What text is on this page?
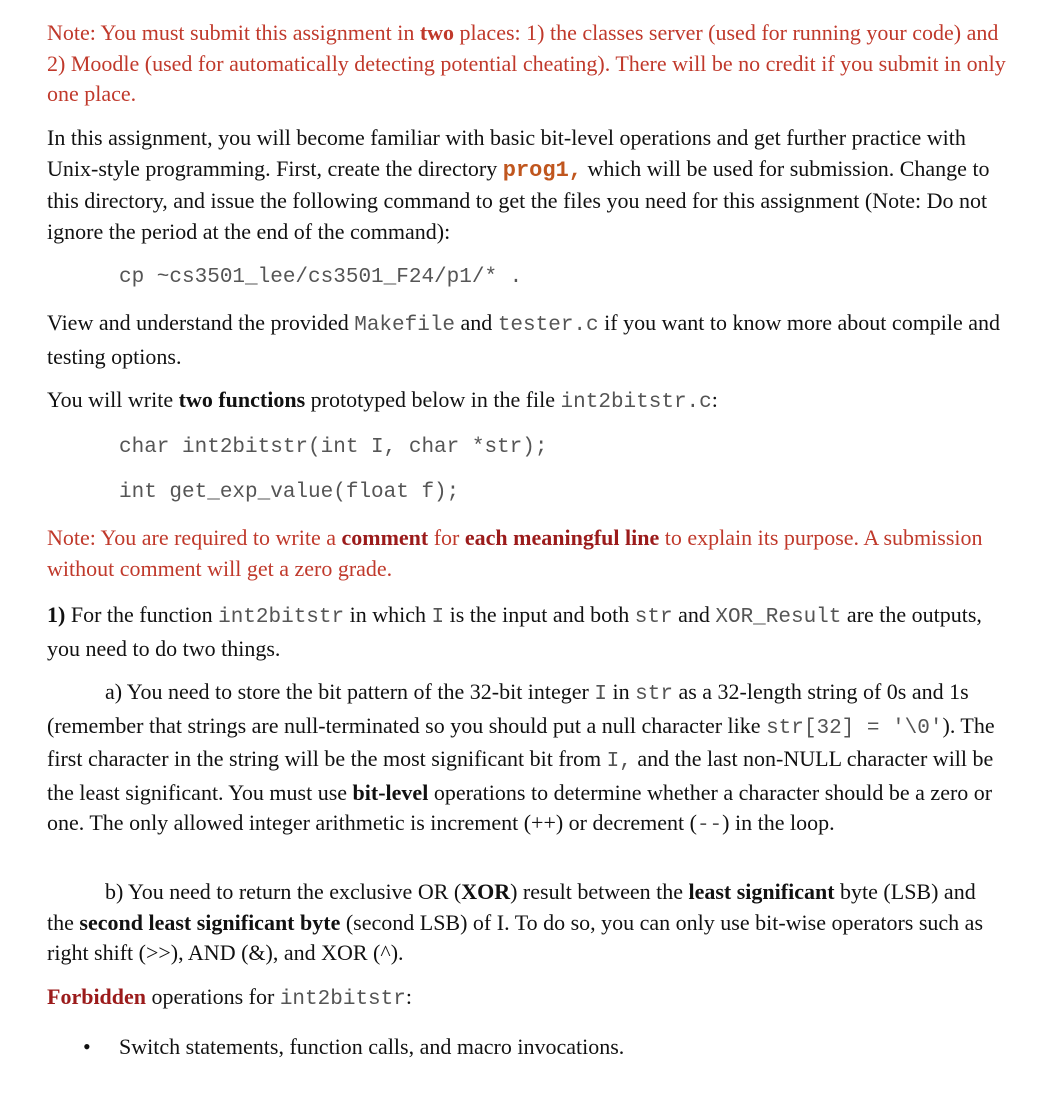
Note: You must submit this assignment in two places: 1) the classes server (used for running your code) and 2) Moodle (used for automatically detecting potential cheating). There will be no credit if you submit in only one place.

In this assignment, you will become familiar with basic bit-level operations and get further practice with Unix-style programming. First, create the directory prog1, which will be used for submission. Change to this directory, and issue the following command to get the files you need for this assignment (Note: Do not ignore the period at the end of the command):

cp ~cs3501_lee/cs3501_F24/p1/* .

View and understand the provided Makefile and tester.c if you want to know more about compile and testing options.

You will write two functions prototyped below in the file int2bitstr.c:

char int2bitstr(int I, char *str);

int get_exp_value(float f);

Note: You are required to write a comment for each meaningful line to explain its purpose. A submission without comment will get a zero grade.

1) For the function int2bitstr in which I is the input and both str and XOR_Result are the outputs, you need to do two things.

a) You need to store the bit pattern of the 32-bit integer I in str as a 32-length string of 0s and 1s (remember that strings are null-terminated so you should put a null character like str[32] = '\0'). The first character in the string will be the most significant bit from I, and the last non-NULL character will be the least significant. You must use bit-level operations to determine whether a character should be a zero or one. The only allowed integer arithmetic is increment (++) or decrement (--) in the loop.

b) You need to return the exclusive OR (XOR) result between the least significant byte (LSB) and the second least significant byte (second LSB) of I. To do so, you can only use bit-wise operators such as right shift (>>), AND (&), and XOR (^).

Forbidden operations for int2bitstr:

• Switch statements, function calls, and macro invocations.
